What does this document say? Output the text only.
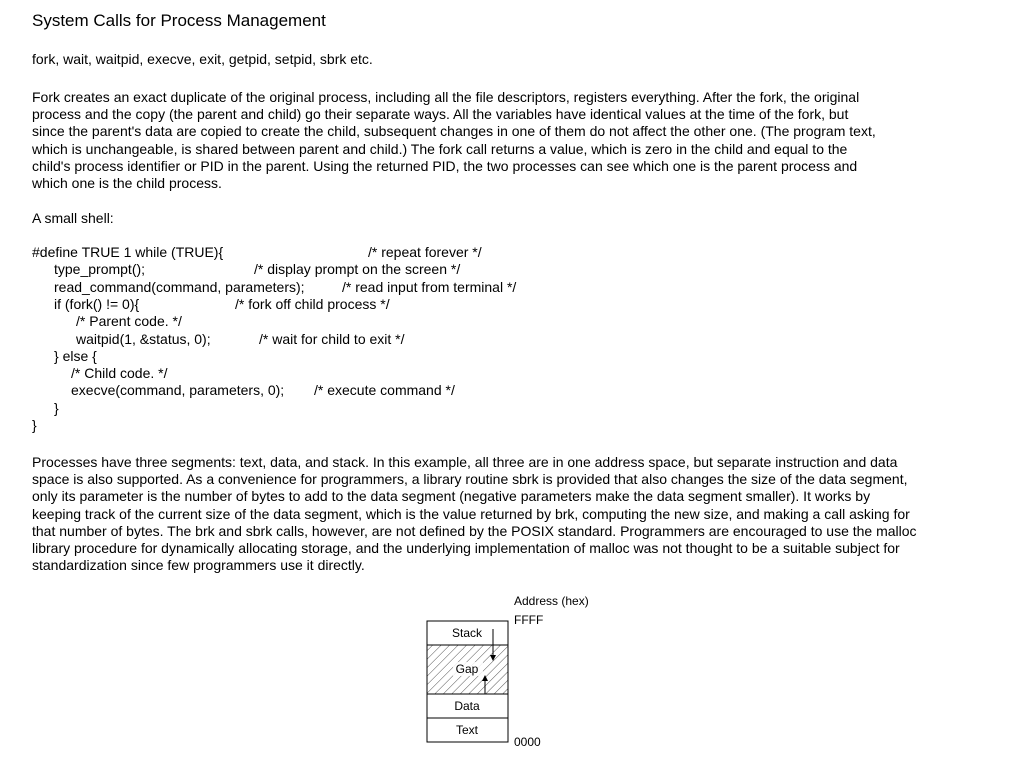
System Calls for Process Management
fork, wait, waitpid, execve, exit, getpid, setpid, sbrk etc.
Fork creates an exact duplicate of the original process, including all the file descriptors, registers everything. After the fork, the original
process and the copy (the parent and child) go their separate ways. All the variables have identical values at the time of the fork, but
since the parent's data are copied to create the child, subsequent changes in one of them do not affect the other one. (The program text,
which is unchangeable, is shared between parent and child.) The fork call returns a value, which is zero in the child and equal to the
child's process identifier or PID in the parent. Using the returned PID, the two processes can see which one is the parent process and
which one is the child process.
A small shell:
#define TRUE 1 while (TRUE){	/* repeat forever */
type_prompt();	/* display prompt on the screen */
read_command(command, parameters);	/* read input from terminal */
if (fork() != 0){	/* fork off child process */
/* Parent code. */
waitpid(1, &status, 0);	/* wait for child to exit */
} else {
/* Child code. */
execve(command, parameters, 0); /* execute command */
}
}
Processes have three segments: text, data, and stack. In this example, all three are in one address space, but separate instruction and data
space is also supported. As a convenience for programmers, a library routine sbrk is provided that also changes the size of the data segment,
only its parameter is the number of bytes to add to the data segment (negative parameters make the data segment smaller). It works by
keeping track of the current size of the data segment, which is the value returned by brk, computing the new size, and making a call asking for
that number of bytes. The brk and sbrk calls, however, are not defined by the POSIX standard. Programmers are encouraged to use the malloc
library procedure for dynamically allocating storage, and the underlying implementation of malloc was not thought to be a suitable subject for
standardization since few programmers use it directly.
Address (hex)
FFFF
0000
Stack
Gap
Data
Text
